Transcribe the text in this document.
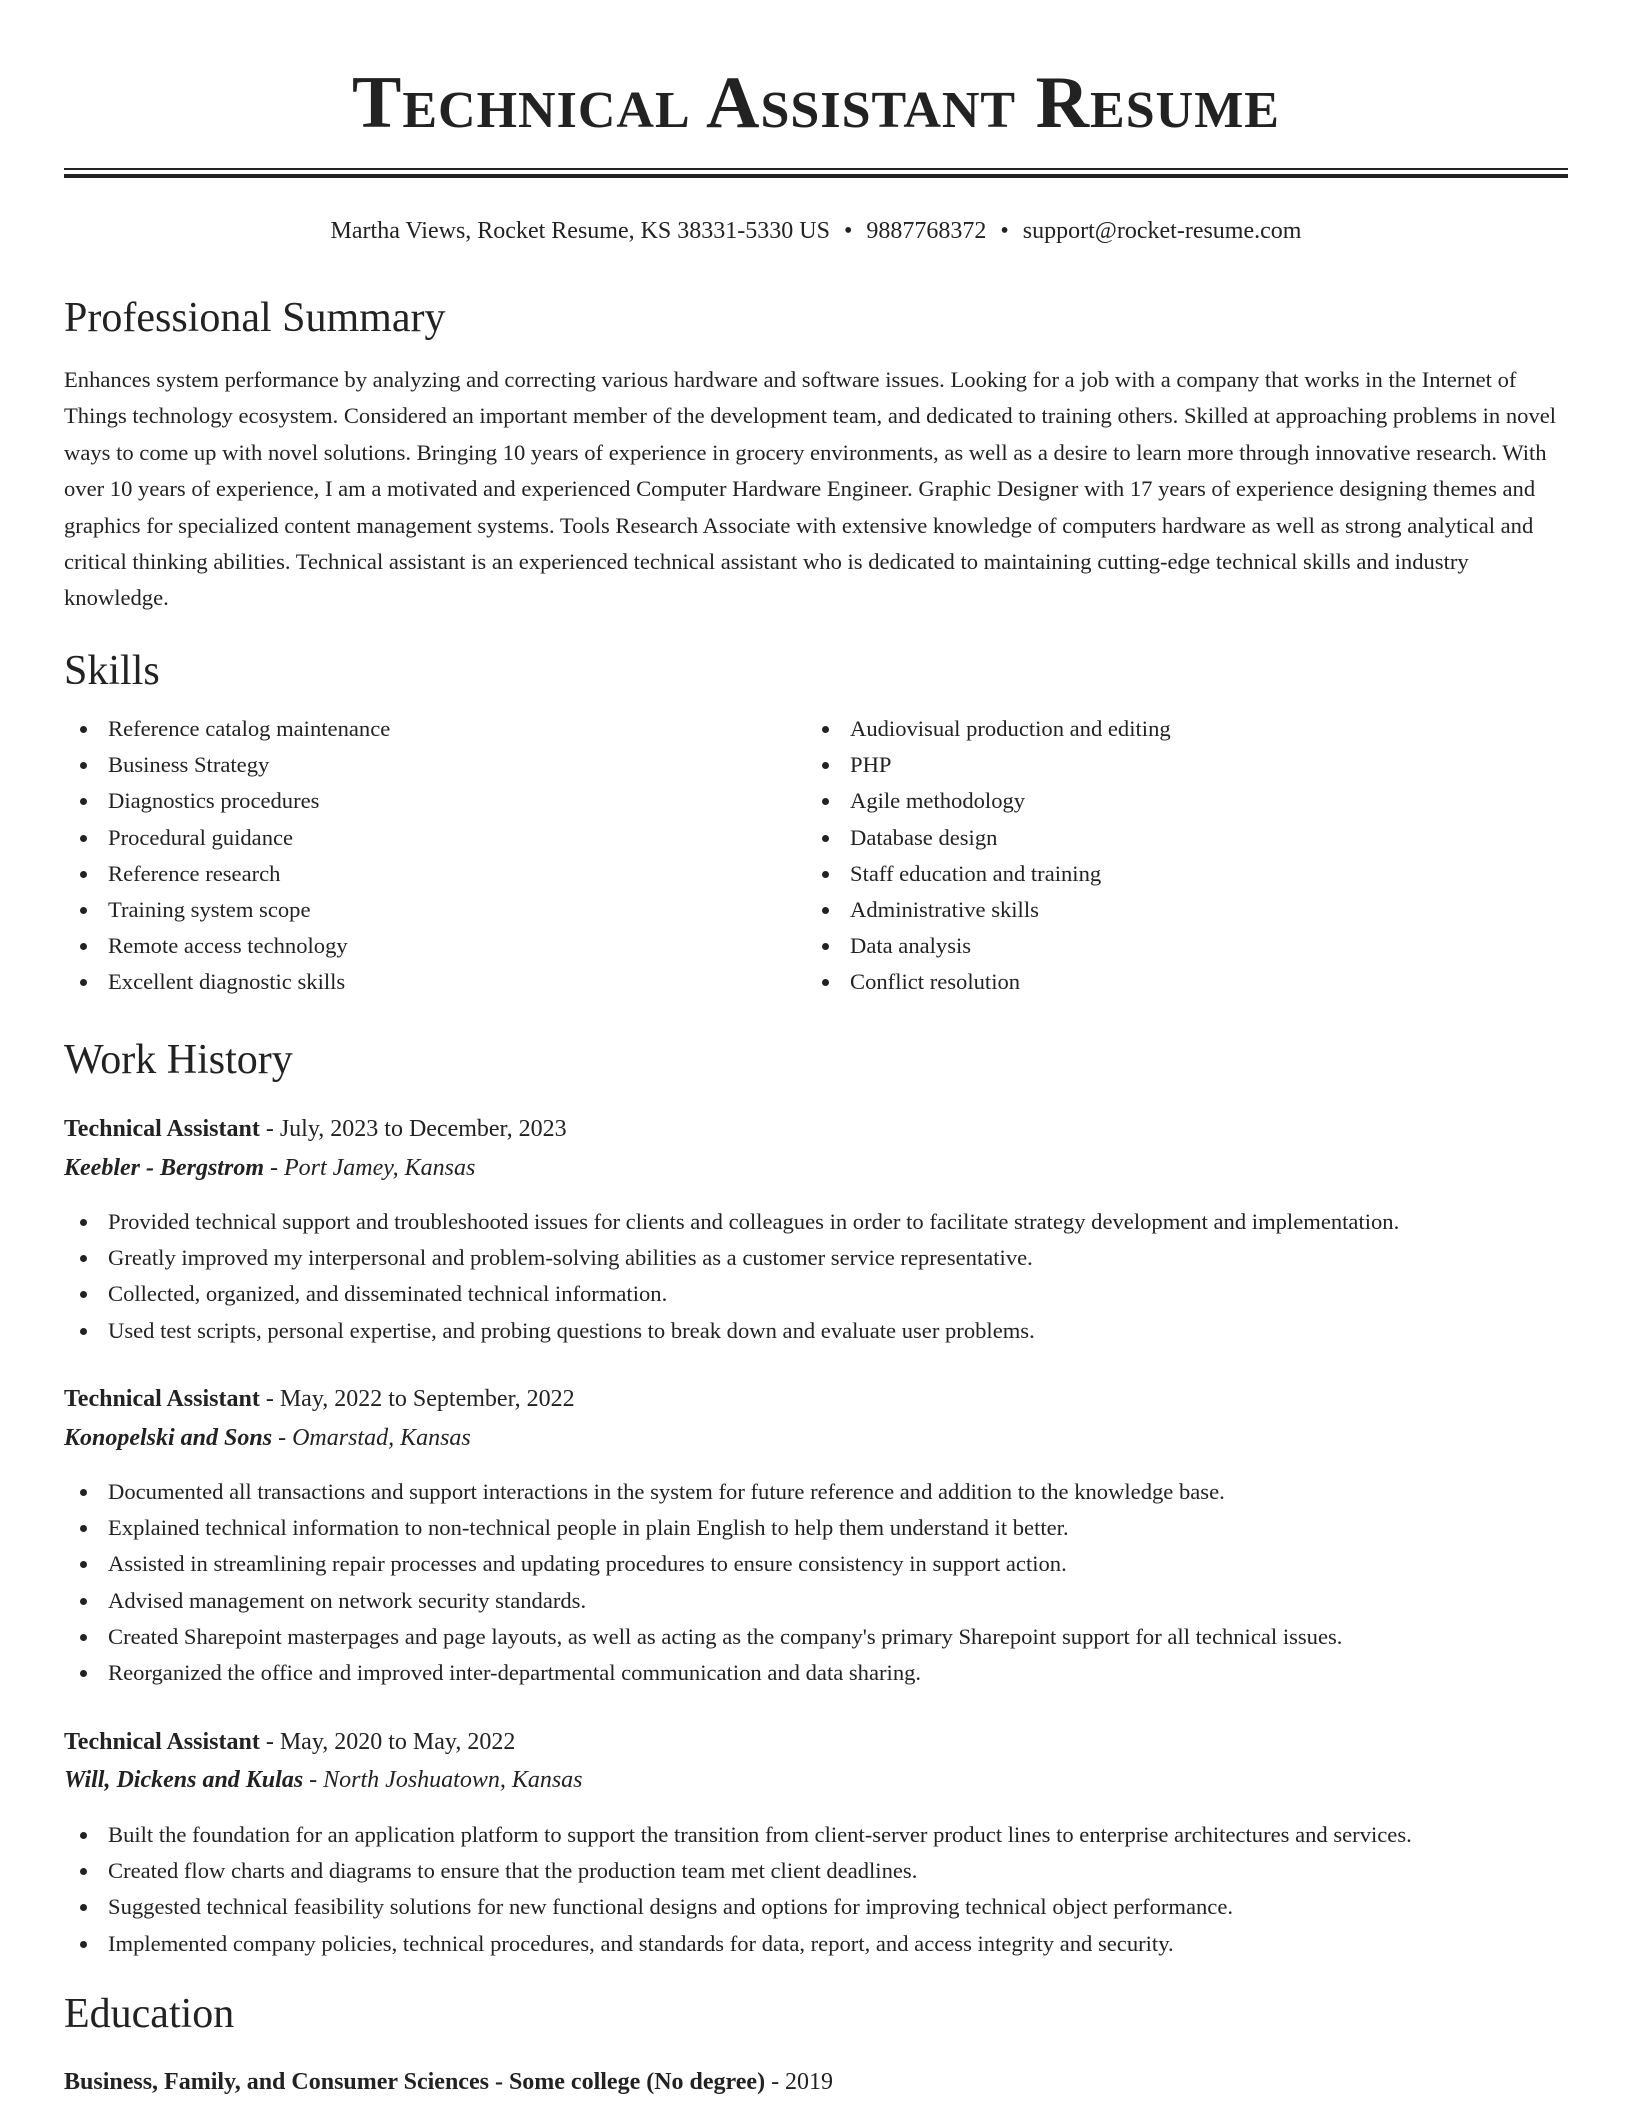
Technical Assistant Resume
Martha Views, Rocket Resume, KS 38331-5330 US • 9887768372 • support@rocket-resume.com
Professional Summary

Enhances system performance by analyzing and correcting various hardware and software issues. Looking for a job with a company that works in the Internet of Things technology ecosystem. Considered an important member of the development team, and dedicated to training others. Skilled at approaching problems in novel ways to come up with novel solutions. Bringing 10 years of experience in grocery environments, as well as a desire to learn more through innovative research. With over 10 years of experience, I am a motivated and experienced Computer Hardware Engineer. Graphic Designer with 17 years of experience designing themes and graphics for specialized content management systems. Tools Research Associate with extensive knowledge of computers hardware as well as strong analytical and critical thinking abilities. Technical assistant is an experienced technical assistant who is dedicated to maintaining cutting-edge technical skills and industry knowledge.

Skills
Reference catalog maintenance
Business Strategy
Diagnostics procedures
Procedural guidance
Reference research
Training system scope
Remote access technology
Excellent diagnostic skills
Audiovisual production and editing
PHP
Agile methodology
Database design
Staff education and training
Administrative skills
Data analysis
Conflict resolution
Work History
Technical Assistant - July, 2023 to December, 2023
Keebler - Bergstrom - Port Jamey, Kansas
Provided technical support and troubleshooted issues for clients and colleagues in order to facilitate strategy development and implementation.
Greatly improved my interpersonal and problem-solving abilities as a customer service representative.
Collected, organized, and disseminated technical information.
Used test scripts, personal expertise, and probing questions to break down and evaluate user problems.
Technical Assistant - May, 2022 to September, 2022
Konopelski and Sons - Omarstad, Kansas
Documented all transactions and support interactions in the system for future reference and addition to the knowledge base.
Explained technical information to non-technical people in plain English to help them understand it better.
Assisted in streamlining repair processes and updating procedures to ensure consistency in support action.
Advised management on network security standards.
Created Sharepoint masterpages and page layouts, as well as acting as the company's primary Sharepoint support for all technical issues.
Reorganized the office and improved inter-departmental communication and data sharing.
Technical Assistant - May, 2020 to May, 2022
Will, Dickens and Kulas - North Joshuatown, Kansas
Built the foundation for an application platform to support the transition from client-server product lines to enterprise architectures and services.
Created flow charts and diagrams to ensure that the production team met client deadlines.
Suggested technical feasibility solutions for new functional designs and options for improving technical object performance.
Implemented company policies, technical procedures, and standards for data, report, and access integrity and security.
Education
Business, Family, and Consumer Sciences - Some college (No degree) - 2019
